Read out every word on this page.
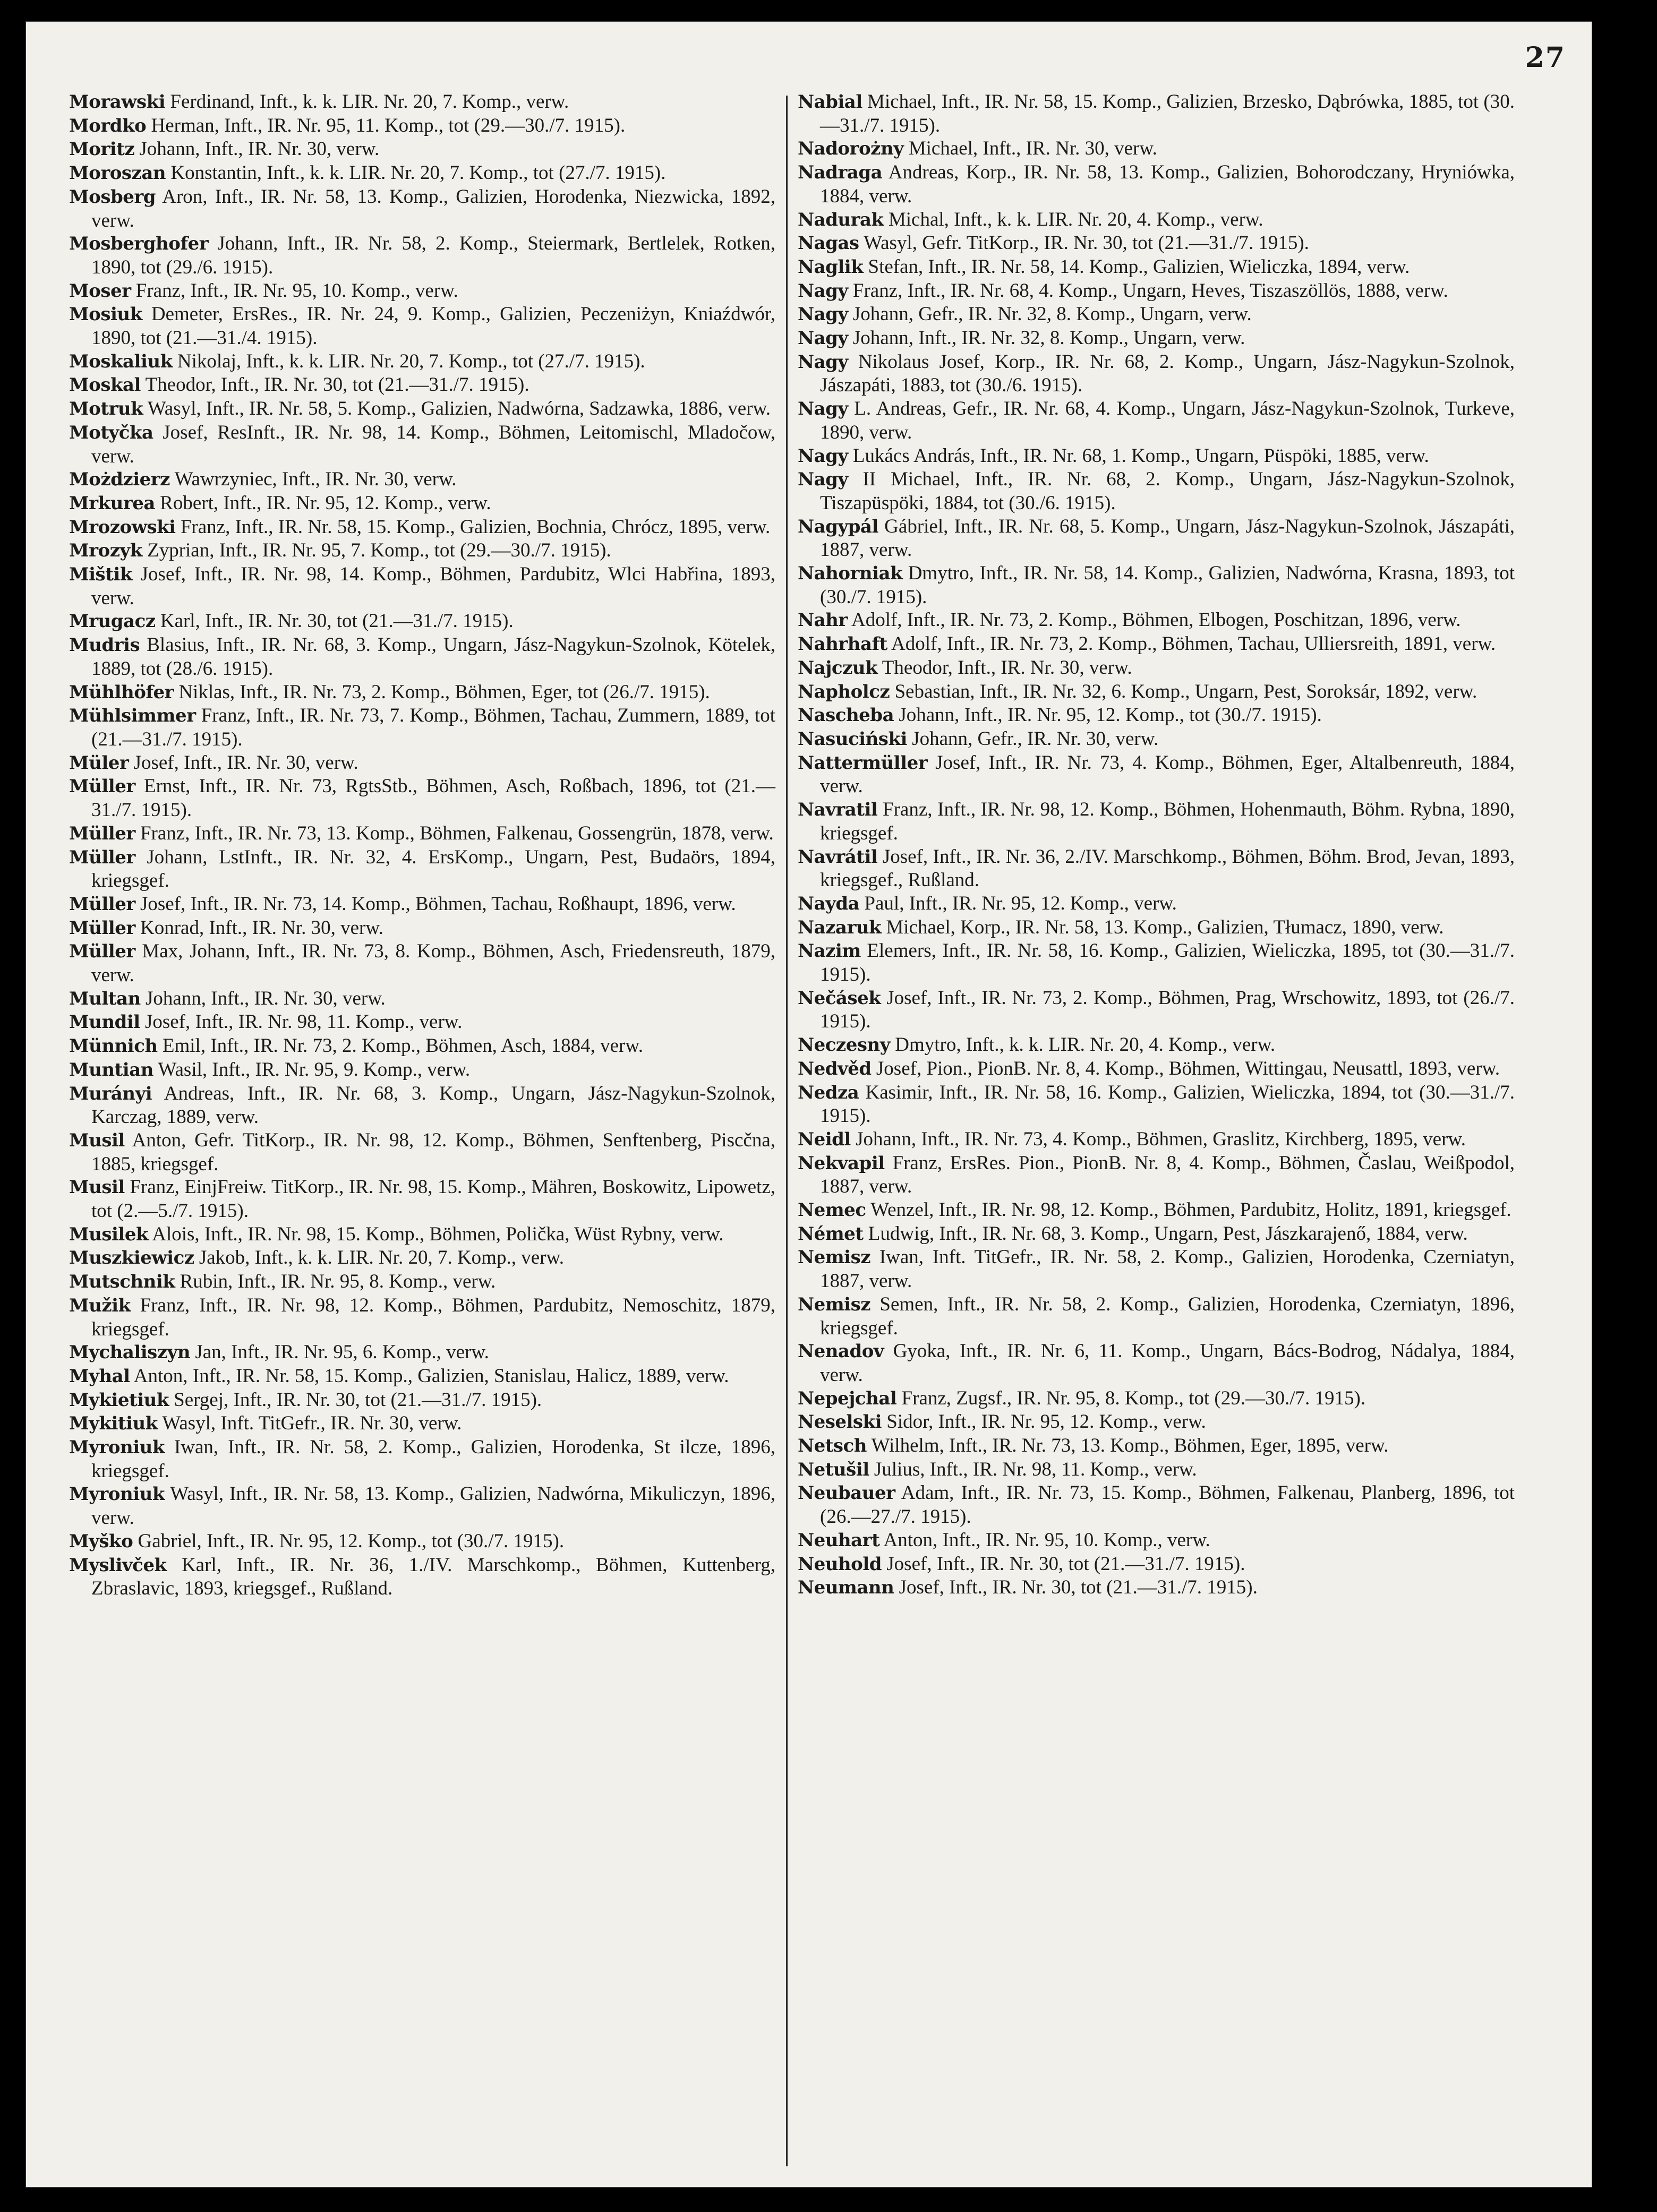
27
Morawski Ferdinand, Inft., k. k. LIR. Nr. 20, 7. Komp., verw.
Mordko Herman, Inft., IR. Nr. 95, 11. Komp., tot (29.—30./7. 1915).
Moritz Johann, Inft., IR. Nr. 30, verw.
Moroszan Konstantin, Inft., k. k. LIR. Nr. 20, 7. Komp., tot (27./7. 1915).
Mosberg Aron, Inft., IR. Nr. 58, 13. Komp., Galizien, Horodenka, Niezwicka, 1892, verw.
Mosberghofer Johann, Inft., IR. Nr. 58, 2. Komp., Steiermark, Bertlelek, Rotken, 1890, tot (29./6. 1915).
Moser Franz, Inft., IR. Nr. 95, 10. Komp., verw.
Mosiuk Demeter, ErsRes., IR. Nr. 24, 9. Komp., Galizien, Peczeniżyn, Kniaźdwór, 1890, tot (21.—31./4. 1915).
Moskaliuk Nikolaj, Inft., k. k. LIR. Nr. 20, 7. Komp., tot (27./7. 1915).
Moskal Theodor, Inft., IR. Nr. 30, tot (21.—31./7. 1915).
Motruk Wasyl, Inft., IR. Nr. 58, 5. Komp., Galizien, Nadwórna, Sadzawka, 1886, verw.
Motyčka Josef, ResInft., IR. Nr. 98, 14. Komp., Böhmen, Leitomischl, Mladočow, verw.
Możdzierz Wawrzyniec, Inft., IR. Nr. 30, verw.
Mrkurea Robert, Inft., IR. Nr. 95, 12. Komp., verw.
Mrozowski Franz, Inft., IR. Nr. 58, 15. Komp., Galizien, Bochnia, Chrócz, 1895, verw.
Mrozyk Zyprian, Inft., IR. Nr. 95, 7. Komp., tot (29.—30./7. 1915).
Mištik Josef, Inft., IR. Nr. 98, 14. Komp., Böhmen, Pardubitz, Wlci Habřina, 1893, verw.
Mrugacz Karl, Inft., IR. Nr. 30, tot (21.—31./7. 1915).
Mudris Blasius, Inft., IR. Nr. 68, 3. Komp., Ungarn, Jász-Nagykun-Szolnok, Kötelek, 1889, tot (28./6. 1915).
Mühlhöfer Niklas, Inft., IR. Nr. 73, 2. Komp., Böhmen, Eger, tot (26./7. 1915).
Mühlsimmer Franz, Inft., IR. Nr. 73, 7. Komp., Böhmen, Tachau, Zummern, 1889, tot (21.—31./7. 1915).
Müler Josef, Inft., IR. Nr. 30, verw.
Müller Ernst, Inft., IR. Nr. 73, RgtsStb., Böhmen, Asch, Roßbach, 1896, tot (21.—31./7. 1915).
Müller Franz, Inft., IR. Nr. 73, 13. Komp., Böhmen, Falkenau, Gossengrün, 1878, verw.
Müller Johann, LstInft., IR. Nr. 32, 4. ErsKomp., Ungarn, Pest, Budaörs, 1894, kriegsgef.
Müller Josef, Inft., IR. Nr. 73, 14. Komp., Böhmen, Tachau, Roßhaupt, 1896, verw.
Müller Konrad, Inft., IR. Nr. 30, verw.
Müller Max, Johann, Inft., IR. Nr. 73, 8. Komp., Böhmen, Asch, Friedensreuth, 1879, verw.
Multan Johann, Inft., IR. Nr. 30, verw.
Mundil Josef, Inft., IR. Nr. 98, 11. Komp., verw.
Münnich Emil, Inft., IR. Nr. 73, 2. Komp., Böhmen, Asch, 1884, verw.
Muntian Wasil, Inft., IR. Nr. 95, 9. Komp., verw.
Murányi Andreas, Inft., IR. Nr. 68, 3. Komp., Ungarn, Jász-Nagykun-Szolnok, Karczag, 1889, verw.
Musil Anton, Gefr. TitKorp., IR. Nr. 98, 12. Komp., Böhmen, Senftenberg, Piscčna, 1885, kriegsgef.
Musil Franz, EinjFreiw. TitKorp., IR. Nr. 98, 15. Komp., Mähren, Boskowitz, Lipowetz, tot (2.—5./7. 1915).
Musilek Alois, Inft., IR. Nr. 98, 15. Komp., Böhmen, Polička, Wüst Rybny, verw.
Muszkiewicz Jakob, Inft., k. k. LIR. Nr. 20, 7. Komp., verw.
Mutschnik Rubin, Inft., IR. Nr. 95, 8. Komp., verw.
Mužik Franz, Inft., IR. Nr. 98, 12. Komp., Böhmen, Pardubitz, Nemoschitz, 1879, kriegsgef.
Mychaliszyn Jan, Inft., IR. Nr. 95, 6. Komp., verw.
Myhal Anton, Inft., IR. Nr. 58, 15. Komp., Galizien, Stanislau, Halicz, 1889, verw.
Mykietiuk Sergej, Inft., IR. Nr. 30, tot (21.—31./7. 1915).
Mykitiuk Wasyl, Inft. TitGefr., IR. Nr. 30, verw.
Myroniuk Iwan, Inft., IR. Nr. 58, 2. Komp., Galizien, Horodenka, St ilcze, 1896, kriegsgef.
Myroniuk Wasyl, Inft., IR. Nr. 58, 13. Komp., Galizien, Nadwórna, Mikuliczyn, 1896, verw.
Myško Gabriel, Inft., IR. Nr. 95, 12. Komp., tot (30./7. 1915).
Myslivček Karl, Inft., IR. Nr. 36, 1./IV. Marschkomp., Böhmen, Kuttenberg, Zbraslavic, 1893, kriegsgef., Rußland.
Nabial Michael, Inft., IR. Nr. 58, 15. Komp., Galizien, Brzesko, Dąbrówka, 1885, tot (30.—31./7. 1915).
Nadorożny Michael, Inft., IR. Nr. 30, verw.
Nadraga Andreas, Korp., IR. Nr. 58, 13. Komp., Galizien, Bohorodczany, Hryniówka, 1884, verw.
Nadurak Michal, Inft., k. k. LIR. Nr. 20, 4. Komp., verw.
Nagas Wasyl, Gefr. TitKorp., IR. Nr. 30, tot (21.—31./7. 1915).
Naglik Stefan, Inft., IR. Nr. 58, 14. Komp., Galizien, Wieliczka, 1894, verw.
Nagy Franz, Inft., IR. Nr. 68, 4. Komp., Ungarn, Heves, Tiszaszöllös, 1888, verw.
Nagy Johann, Gefr., IR. Nr. 32, 8. Komp., Ungarn, verw.
Nagy Johann, Inft., IR. Nr. 32, 8. Komp., Ungarn, verw.
Nagy Nikolaus Josef, Korp., IR. Nr. 68, 2. Komp., Ungarn, Jász-Nagykun-Szolnok, Jászapáti, 1883, tot (30./6. 1915).
Nagy L. Andreas, Gefr., IR. Nr. 68, 4. Komp., Ungarn, Jász-Nagykun-Szolnok, Turkeve, 1890, verw.
Nagy Lukács András, Inft., IR. Nr. 68, 1. Komp., Ungarn, Püspöki, 1885, verw.
Nagy II Michael, Inft., IR. Nr. 68, 2. Komp., Ungarn, Jász-Nagykun-Szolnok, Tiszapüspöki, 1884, tot (30./6. 1915).
Nagypál Gábriel, Inft., IR. Nr. 68, 5. Komp., Ungarn, Jász-Nagykun-Szolnok, Jászapáti, 1887, verw.
Nahorniak Dmytro, Inft., IR. Nr. 58, 14. Komp., Galizien, Nadwórna, Krasna, 1893, tot (30./7. 1915).
Nahr Adolf, Inft., IR. Nr. 73, 2. Komp., Böhmen, Elbogen, Poschitzan, 1896, verw.
Nahrhaft Adolf, Inft., IR. Nr. 73, 2. Komp., Böhmen, Tachau, Ulliersreith, 1891, verw.
Najczuk Theodor, Inft., IR. Nr. 30, verw.
Napholcz Sebastian, Inft., IR. Nr. 32, 6. Komp., Ungarn, Pest, Soroksár, 1892, verw.
Nascheba Johann, Inft., IR. Nr. 95, 12. Komp., tot (30./7. 1915).
Nasuciński Johann, Gefr., IR. Nr. 30, verw.
Nattermüller Josef, Inft., IR. Nr. 73, 4. Komp., Böhmen, Eger, Altalbenreuth, 1884, verw.
Navratil Franz, Inft., IR. Nr. 98, 12. Komp., Böhmen, Hohenmauth, Böhm. Rybna, 1890, kriegsgef.
Navrátil Josef, Inft., IR. Nr. 36, 2./IV. Marschkomp., Böhmen, Böhm. Brod, Jevan, 1893, kriegsgef., Rußland.
Nayda Paul, Inft., IR. Nr. 95, 12. Komp., verw.
Nazaruk Michael, Korp., IR. Nr. 58, 13. Komp., Galizien, Tłumacz, 1890, verw.
Nazim Elemers, Inft., IR. Nr. 58, 16. Komp., Galizien, Wieliczka, 1895, tot (30.—31./7. 1915).
Nečásek Josef, Inft., IR. Nr. 73, 2. Komp., Böhmen, Prag, Wrschowitz, 1893, tot (26./7. 1915).
Neczesny Dmytro, Inft., k. k. LIR. Nr. 20, 4. Komp., verw.
Nedvěd Josef, Pion., PionB. Nr. 8, 4. Komp., Böhmen, Wittingau, Neusattl, 1893, verw.
Nedza Kasimir, Inft., IR. Nr. 58, 16. Komp., Galizien, Wieliczka, 1894, tot (30.—31./7. 1915).
Neidl Johann, Inft., IR. Nr. 73, 4. Komp., Böhmen, Graslitz, Kirchberg, 1895, verw.
Nekvapil Franz, ErsRes. Pion., PionB. Nr. 8, 4. Komp., Böhmen, Časlau, Weißpodol, 1887, verw.
Nemec Wenzel, Inft., IR. Nr. 98, 12. Komp., Böhmen, Pardubitz, Holitz, 1891, kriegsgef.
Német Ludwig, Inft., IR. Nr. 68, 3. Komp., Ungarn, Pest, Jászkarajenő, 1884, verw.
Nemisz Iwan, Inft. TitGefr., IR. Nr. 58, 2. Komp., Galizien, Horodenka, Czerniatyn, 1887, verw.
Nemisz Semen, Inft., IR. Nr. 58, 2. Komp., Galizien, Horodenka, Czerniatyn, 1896, kriegsgef.
Nenadov Gyoka, Inft., IR. Nr. 6, 11. Komp., Ungarn, Bács-Bodrog, Nádalya, 1884, verw.
Nepejchal Franz, Zugsf., IR. Nr. 95, 8. Komp., tot (29.—30./7. 1915).
Neselski Sidor, Inft., IR. Nr. 95, 12. Komp., verw.
Netsch Wilhelm, Inft., IR. Nr. 73, 13. Komp., Böhmen, Eger, 1895, verw.
Netušil Julius, Inft., IR. Nr. 98, 11. Komp., verw.
Neubauer Adam, Inft., IR. Nr. 73, 15. Komp., Böhmen, Falkenau, Planberg, 1896, tot (26.—27./7. 1915).
Neuhart Anton, Inft., IR. Nr. 95, 10. Komp., verw.
Neuhold Josef, Inft., IR. Nr. 30, tot (21.—31./7. 1915).
Neumann Josef, Inft., IR. Nr. 30, tot (21.—31./7. 1915).
